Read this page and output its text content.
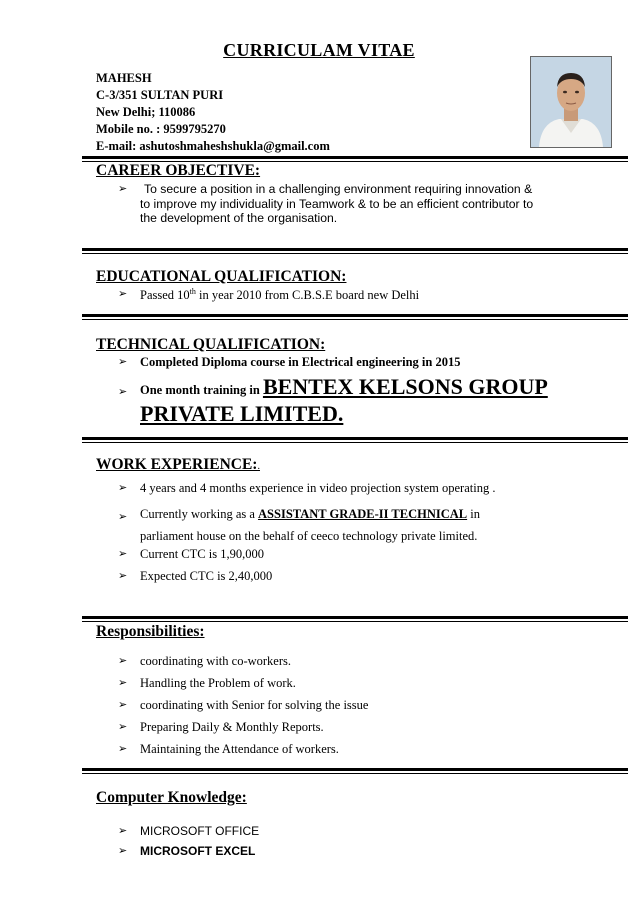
CURRICULAM VITAE
MAHESH
C-3/351 SULTAN PURI
New Delhi; 110086
Mobile no. : 9599795270
E-mail: ashutoshmaheshshukla@gmail.com
CAREER OBJECTIVE:
➢ To secure a position in a challenging environment requiring innovation & to improve my individuality in Teamwork & to be an efficient contributor to the development of the organisation.
EDUCATIONAL QUALIFICATION:
➢ Passed 10th in year 2010 from C.B.S.E board new Delhi
TECHNICAL QUALIFICATION:
➢ Completed Diploma course in Electrical engineering in 2015
➢ One month training in BENTEX KELSONS GROUP
PRIVATE LIMITED.
WORK EXPERIENCE:.
➢ 4 years and 4 months experience in video projection system operating .
➢ Currently working as a ASSISTANT GRADE-II TECHNICAL in
parliament house on the behalf of ceeco technology private limited.
➢ Current CTC is 1,90,000
➢ Expected CTC is 2,40,000
Responsibilities:
➢ coordinating with co-workers.
➢ Handling the Problem of work.
➢ coordinating with Senior for solving the issue
➢ Preparing Daily & Monthly Reports.
➢ Maintaining the Attendance of workers.
Computer Knowledge:
➢ MICROSOFT OFFICE
➢ MICROSOFT EXCEL
